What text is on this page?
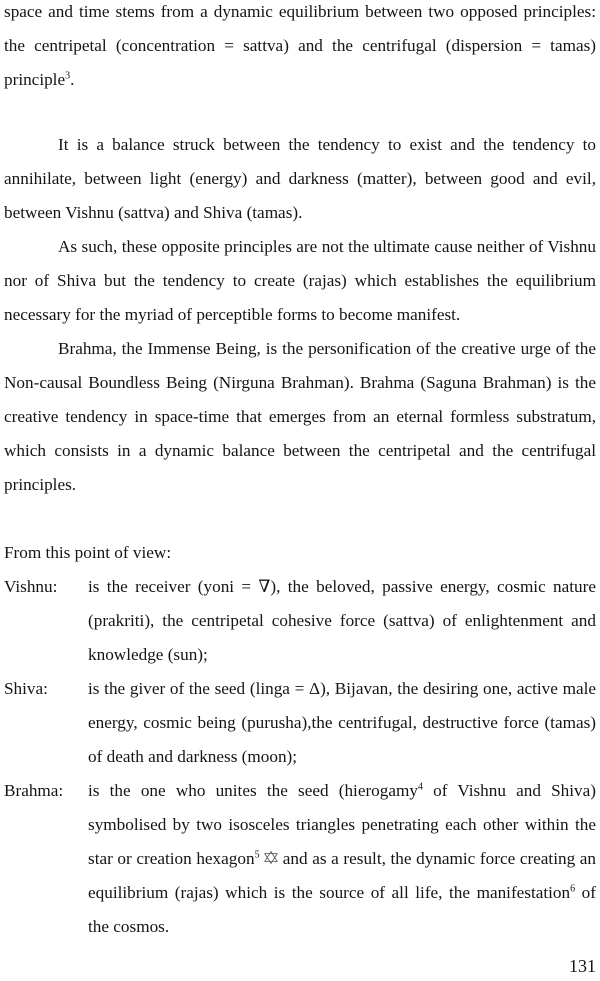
space and time stems from a dynamic equilibrium between two opposed principles: the centripetal (concentration = sattva) and the centrifugal (dispersion = tamas) principle$^3$.

It is a balance struck between the tendency to exist and the tendency to annihilate, between light (energy) and darkness (matter), between good and evil, between Vishnu (sattva) and Shiva (tamas).

As such, these opposite principles are not the ultimate cause neither of Vishnu nor of Shiva but the tendency to create (rajas) which establishes the equilibrium necessary for the myriad of perceptible forms to become manifest.

Brahma, the Immense Being, is the personification of the creative urge of the Non-causal Boundless Being (Nirguna Brahman). Brahma (Saguna Brahman) is the creative tendency in space-time that emerges from an eternal formless substratum, which consists in a dynamic balance between the centripetal and the centrifugal principles.

From this point of view:

Vishnu: is the receiver (yoni = ∇), the beloved, passive energy, cosmic nature (prakriti), the centripetal cohesive force (sattva) of enlightenment and knowledge (sun);

Shiva: is the giver of the seed (linga = Δ), Bijavan, the desiring one, active male energy, cosmic being (purusha),the centrifugal, destructive force (tamas) of death and darkness (moon);

Brahma: is the one who unites the seed (hierogamy$^4$ of Vishnu and Shiva) symbolised by two isosceles triangles penetrating each other within the star or creation hexagon$^5$  and as a result, the dynamic force creating an equilibrium (rajas) which is the source of all life, the manifestation$^6$ of the cosmos.

131
